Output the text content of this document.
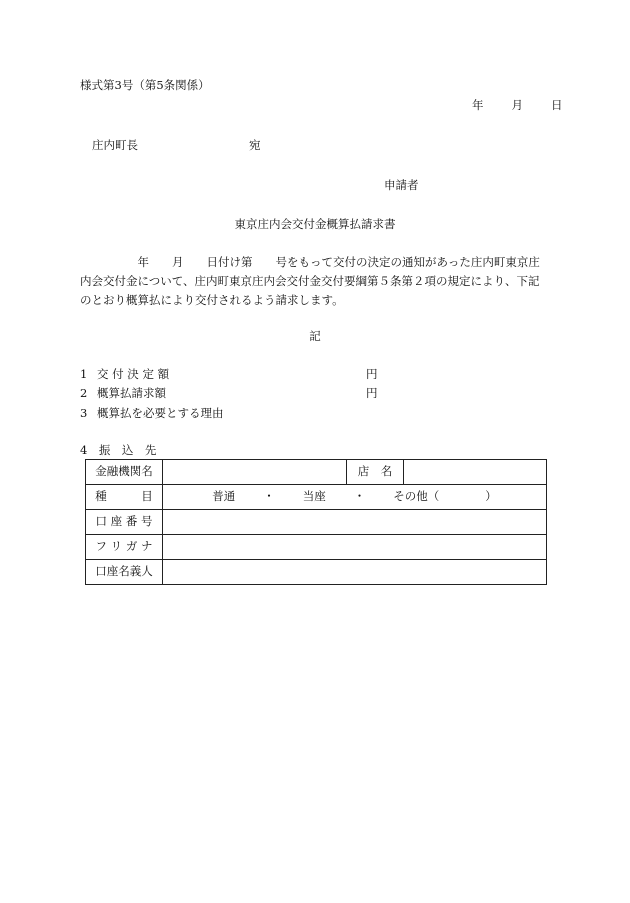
様式第3号（第5条関係）
年 月 日
庄内町長	宛
申請者
東京庄内会交付金概算払請求書

　　　　　年　　月　　日付け第　　号をもって交付の決定の通知があった庄内町東京庄

内会交付金について、庄内町東京庄内会交付金交付要綱第５条第２項の規定により、下記

のとおり概算払により交付されるよう請求します。

記
1 交 付 決 定 額	円
2 概算払請求額	円
3 概算払を必要とする理由
4　振　込　先
金融機関名		店　名	
種　　　目	普通 ・ 当座 ・ その他（　　　　）		
口 座 番 号			
フ リ ガ ナ			
口座名義人			
